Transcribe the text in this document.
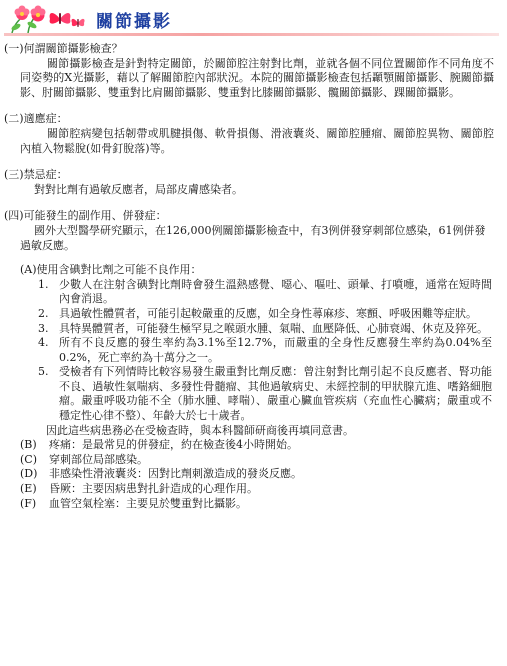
關節攝影
(一)何謂關節攝影檢查？
關節攝影檢查是針對特定關節，於關節腔注射對比劑，並就各個不同位置關節作不同角度不同姿勢的X光攝影，藉以了解關節腔內部狀況。本院的關節攝影檢查包括顳顎關節攝影、腕關節攝影、肘關節攝影、雙重對比肩關節攝影、雙重對比膝關節攝影、髖關節攝影、踝關節攝影。
(二)適應症：
關節腔病變包括韌帶或肌腱損傷、軟骨損傷、滑液囊炎、關節腔腫瘤、關節腔異物、關節腔內植入物鬆脫(如骨釘脫落)等。
(三)禁忌症：
對對比劑有過敏反應者，局部皮膚感染者。
(四)可能發生的副作用、併發症：
國外大型醫學研究顯示，在126,000例關節攝影檢查中，有3例併發穿刺部位感染，61例併發過敏反應。
(A)使用含碘對比劑之可能不良作用：
1. 少數人在注射含碘對比劑時會發生溫熱感覺、噁心、嘔吐、頭暈、打噴嚏，通常在短時間內會消退。
2. 具過敏性體質者，可能引起較嚴重的反應，如全身性蕁麻疹、寒顫、呼吸困難等症狀。
3. 具特異體質者，可能發生極罕見之喉頭水腫、氣喘、血壓降低、心肺衰竭、休克及猝死。
4. 所有不良反應的發生率約為3.1%至12.7%，而嚴重的全身性反應發生率約為0.04%至0.2%，死亡率約為十萬分之一。
5. 受檢者有下列情時比較容易發生嚴重對比劑反應：曾注射對比劑引起不良反應者、腎功能不良、過敏性氣喘病、多發性骨髓瘤、其他過敏病史、未經控制的甲狀腺亢進、嗜鉻細胞瘤。嚴重呼吸功能不全（肺水腫、哮喘）、嚴重心臟血管疾病（充血性心臟病；嚴重或不穩定性心律不整）、年齡大於七十歲者。
因此這些病患務必在受檢查時，與本科醫師研商後再填同意書。
(B) 疼痛：是最常見的併發症，約在檢查後4小時開始。
(C) 穿刺部位局部感染。
(D) 非感染性滑液囊炎：因對比劑刺激造成的發炎反應。
(E) 昏厥：主要因病患對扎針造成的心理作用。
(F) 血管空氣栓塞：主要見於雙重對比攝影。
